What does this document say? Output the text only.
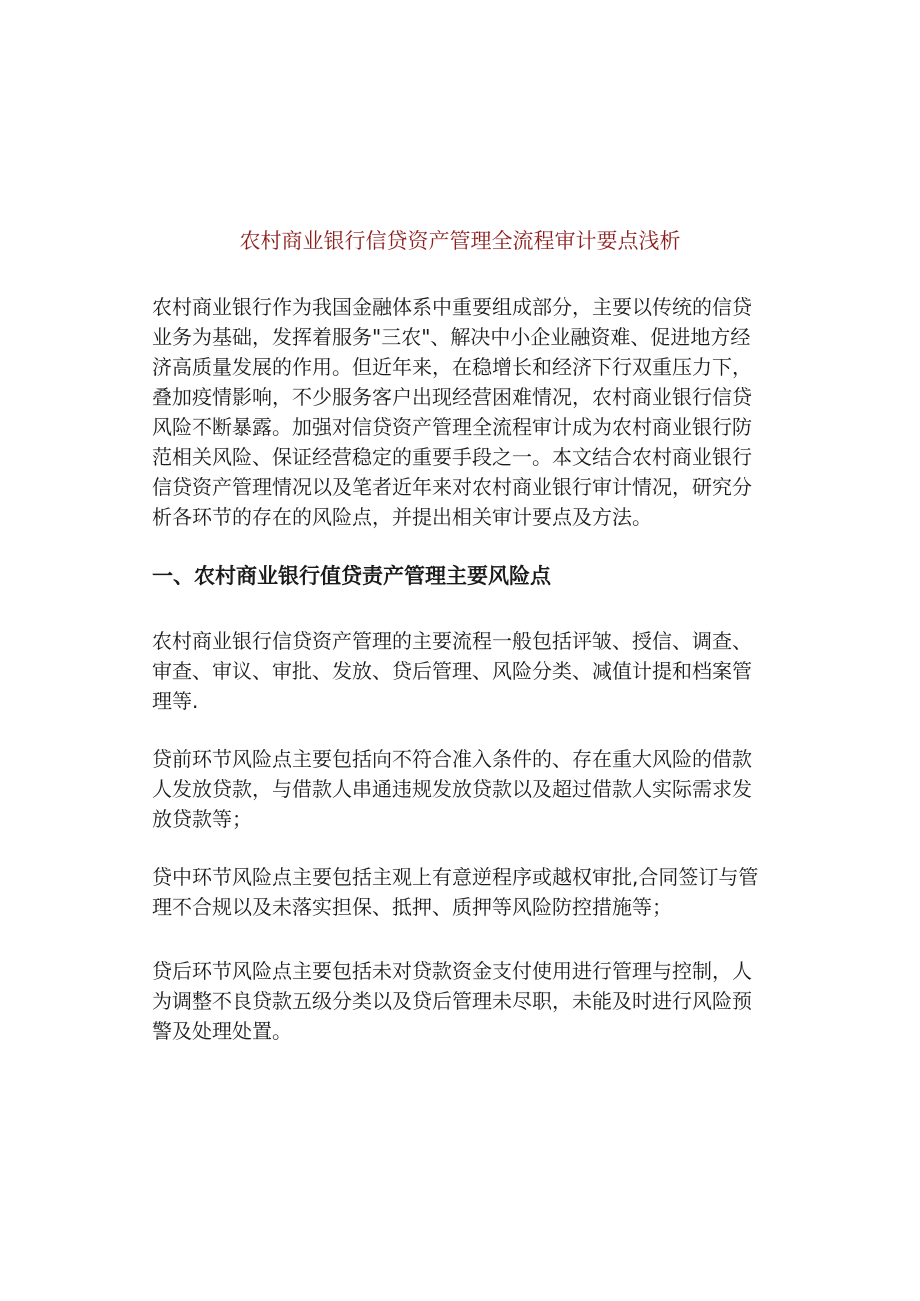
农村商业银行信贷资产管理全流程审计要点浅析

农村商业银行作为我国金融体系中重要组成部分，主要以传统的信贷业务为基础，发挥着服务"三农"、解决中小企业融资难、促进地方经济高质量发展的作用。但近年来，在稳增长和经济下行双重压力下，叠加疫情影响，不少服务客户出现经营困难情况，农村商业银行信贷风险不断暴露。加强对信贷资产管理全流程审计成为农村商业银行防范相关风险、保证经营稳定的重要手段之一。本文结合农村商业银行信贷资产管理情况以及笔者近年来对农村商业银行审计情况，研究分析各环节的存在的风险点，并提出相关审计要点及方法。

一、农村商业银行值贷责产管理主要风险点

农村商业银行信贷资产管理的主要流程一般包括评皱、授信、调查、审查、审议、审批、发放、贷后管理、风险分类、减值计提和档案管理等.

贷前环节风险点主要包括向不符合准入条件的、存在重大风险的借款人发放贷款，与借款人串通违规发放贷款以及超过借款人实际需求发放贷款等；

贷中环节风险点主要包括主观上有意逆程序或越权审批,合同签订与管理不合规以及未落实担保、抵押、质押等风险防控措施等；

贷后环节风险点主要包括未对贷款资金支付使用进行管理与控制，人为调整不良贷款五级分类以及贷后管理未尽职，未能及时进行风险预警及处理处置。
